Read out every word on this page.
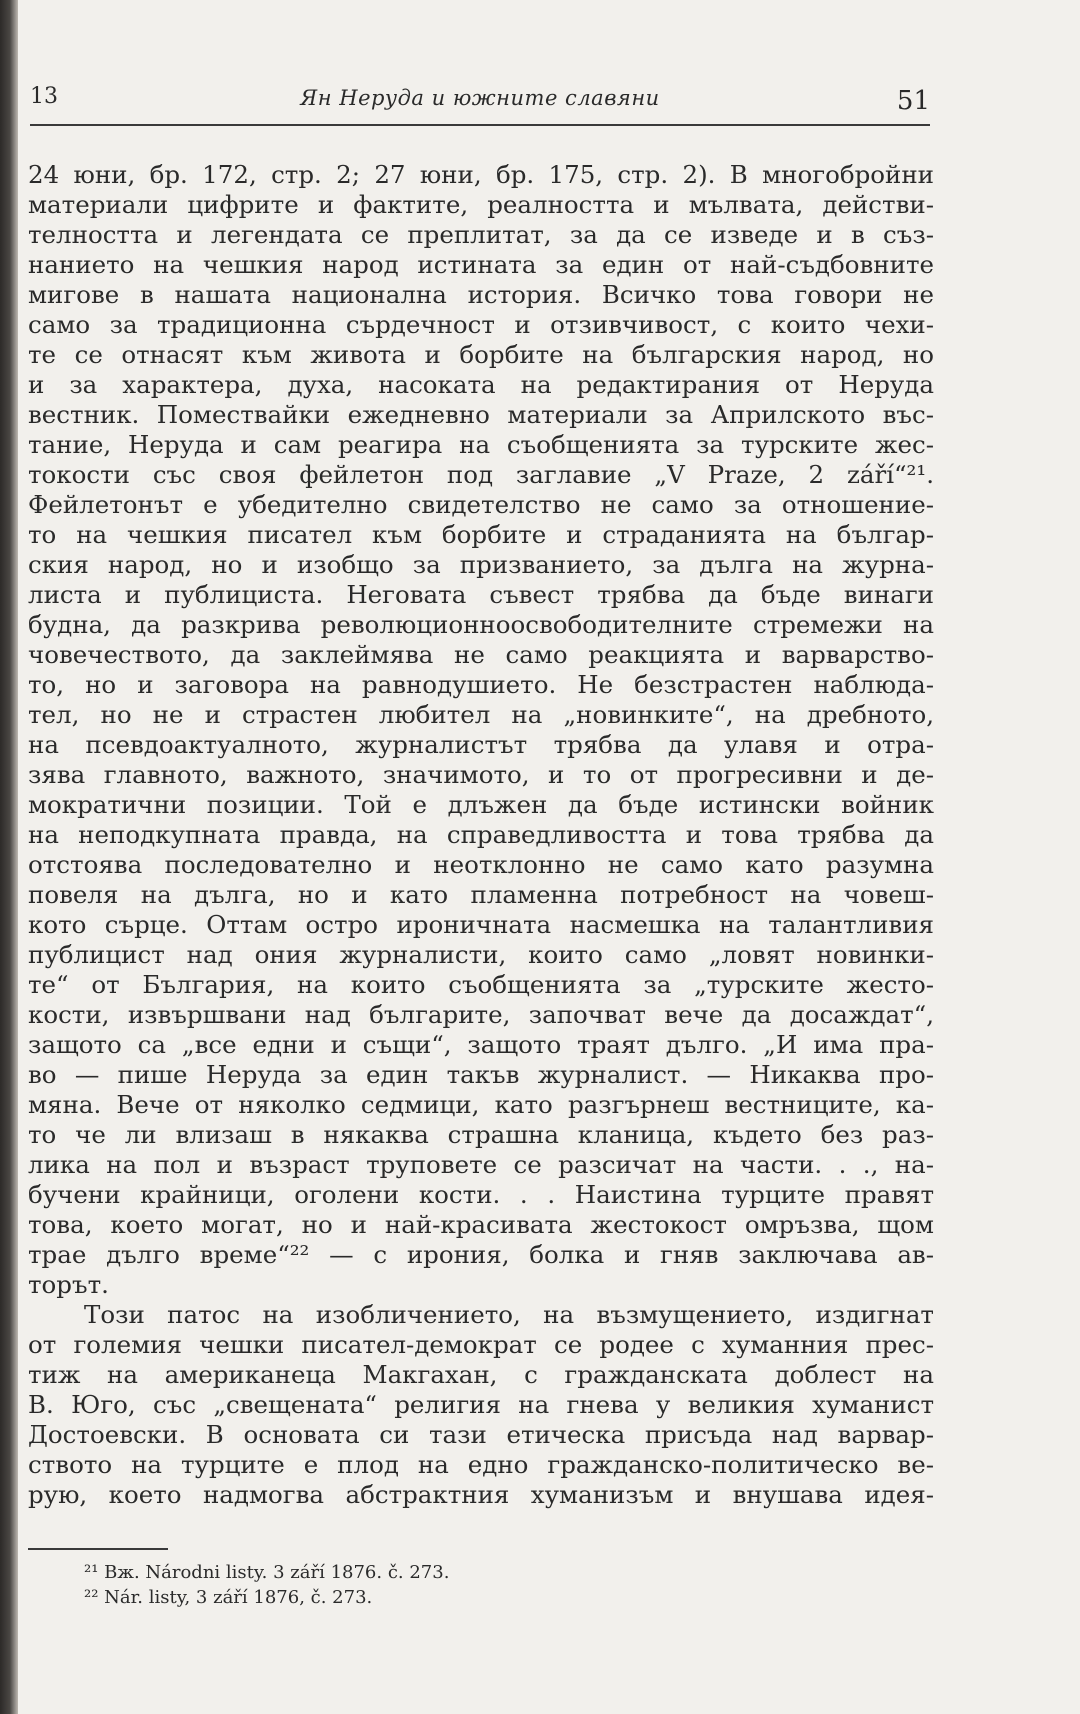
13	Ян Неруда и южните славяни	51
24 юни, бр. 172, стр. 2; 27 юни, бр. 175, стр. 2). В многобройни
материали цифрите и фактите, реалността и мълвата, действи-
телността и легендата се преплитат, за да се изведе и в съз-
нанието на чешкия народ истината за един от най-съдбовните
мигове в нашата национална история. Всичко това говори не
само за традиционна сърдечност и отзивчивост, с които чехи-
те се отнасят към живота и борбите на българския народ, но
и за характера, духа, насоката на редактирания от Неруда
вестник. Помествайки ежедневно материали за Априлското въс-
тание, Неруда и сам реагира на съобщенията за турските жес-
токости със своя фейлетон под заглавие „V Praze, 2 září“²¹.
Фейлетонът е убедително свидетелство не само за отношение-
то на чешкия писател към борбите и страданията на българ-
ския народ, но и изобщо за призванието, за дълга на журна-
листа и публициста. Неговата съвест трябва да бъде винаги
будна, да разкрива революционноосвободителните стремежи на
човечеството, да заклеймява не само реакцията и варварство-
то, но и заговора на равнодушието. Не безстрастен наблюда-
тел, но не и страстен любител на „новинките“, на дребното,
на псевдоактуалното, журналистът трябва да улавя и отра-
зява главното, важното, значимото, и то от прогресивни и де-
мократични позиции. Той е длъжен да бъде истински войник
на неподкупната правда, на справедливостта и това трябва да
отстоява последователно и неотклонно не само като разумна
повеля на дълга, но и като пламенна потребност на човеш-
кото сърце. Оттам остро ироничната насмешка на талантливия
публицист над ония журналисти, които само „ловят новинки-
те“ от България, на които съобщенията за „турските жесто-
кости, извършвани над българите, започват вече да досаждат“,
защото са „все едни и същи“, защото траят дълго. „И има пра-
во — пише Неруда за един такъв журналист. — Никаква про-
мяна. Вече от няколко седмици, като разгърнеш вестниците, ка-
то че ли влизаш в някаква страшна кланица, където без раз-
лика на пол и възраст труповете се разсичат на части. . ., на-
бучени крайници, оголени кости. . . Наистина турците правят
това, което могат, но и най-красивата жестокост омръзва, щом
трае дълго време“²² — с ирония, болка и гняв заключава ав-
торът.
Този патос на изобличението, на възмущението, издигнат
от големия чешки писател-демократ се родее с хуманния прес-
тиж на американеца Макгахан, с гражданската доблест на
В. Юго, със „свещената“ религия на гнева у великия хуманист
Достоевски. В основата си тази етическа присъда над варвар-
ството на турците е плод на едно гражданско-политическо ве-
рую, което надмогва абстрактния хуманизъм и внушава идея-
²¹ Вж. Národni listy. 3 září 1876. č. 273.
²² Nár. listy, 3 září 1876, č. 273.
